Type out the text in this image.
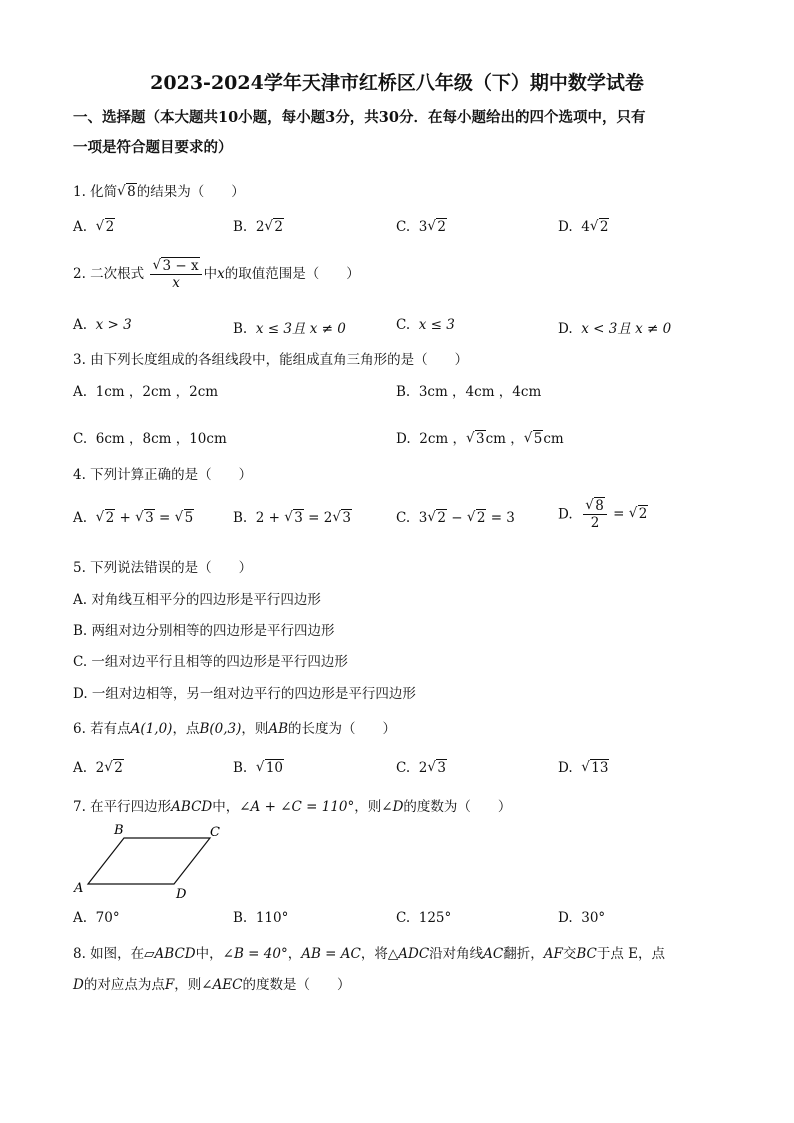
2023-2024学年天津市红桥区八年级（下）期中数学试卷
一、选择题（本大题共10小题，每小题3分，共30分．在每小题给出的四个选项中，只有
一项是符合题目要求的）
1. 化简 √ 8的结果为（　　）
A. √ 2	B. 2 √ 2	C. 3 √ 2	D. 4 √ 2
2. 二次根式 √ $\frac{3 - x}{x}$ 中x的取值范围是（　　）
A. x > 3	B. x ≤ 3且 x ≠ 0	C. x ≤ 3	D. x < 3且 x ≠ 0
3. 由下列长度组成的各组线段中，能组成直角三角形的是（　　）
A. 1cm ，2cm ，2cm	B. 3cm ，4cm ，4cm
C. 6cm ，8cm ，10cm	D. 2cm ， √ 3cm ， √ 5cm
4. 下列计算正确的是（　　）
A. √ 2 + √ 3 = √ 5	B.  2 + √ 3 = 2 √ 3	C.  3 √ 2 − √ 2 = 3	D. √ $\frac{8}{2}$ = √ 2
5. 下列说法错误的是（　　）
A. 对角线互相平分的四边形是平行四边形
B. 两组对边分别相等的四边形是平行四边形
C. 一组对边平行且相等的四边形是平行四边形
D. 一组对边相等，另一组对边平行的四边形是平行四边形
6. 若有点A(1,0)，点B(0,3)，则AB的长度为（　　）
A. 2 √ 2	B. √ 10	C. 2 √ 3	D. √ 13
7. 在平行四边形ABCD中，∠A + ∠C = 110°，则∠D的度数为（　　）
A
B	C
D
A. 70°	B. 110°	C. 125°	D. 30°
8. 如图，在▱ABCD中，∠B = 40°，AB = AC，将△ADC沿对角线AC翻折，AF交BC于点 E，点
D的对应点为点F，则∠AEC的度数是（　　）
